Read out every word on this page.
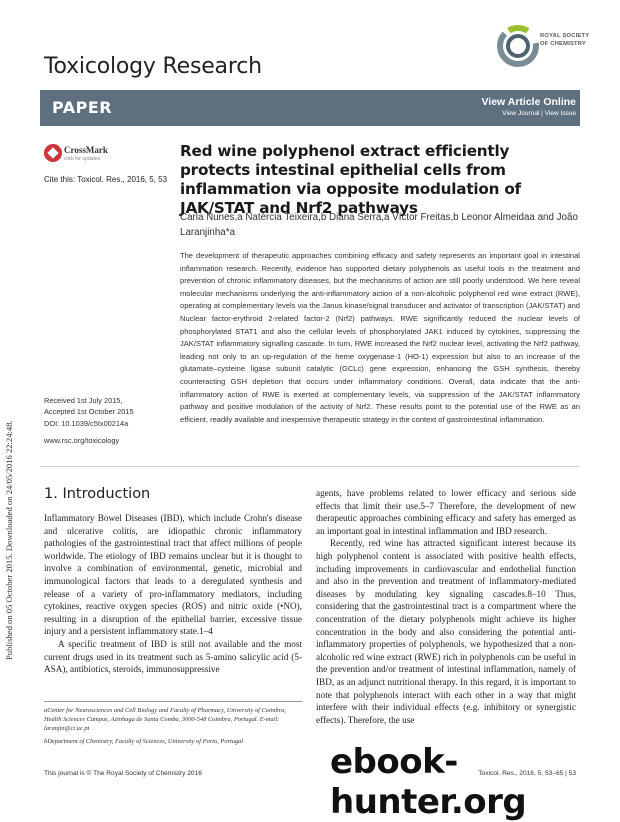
Published on 05 October 2015. Downloaded on 24/05/2016 22:24:48.
Toxicology Research
ROYAL SOCIETY
OF CHEMISTRY
PAPER	View Article Online
View Journal | View Issue
CrossMark
click for updates
Cite this: Toxicol. Res., 2016, 5, 53
Red wine polyphenol extract efficiently protects intestinal epithelial cells from inflammation via opposite modulation of JAK/STAT and Nrf2 pathways
Carla Nunes,a Natércia Teixeira,b Diana Serra,a Víctor Freitas,b Leonor Almeidaa and João Laranjinha*a
The development of therapeutic approaches combining efficacy and safety represents an important goal in intestinal inflammation research. Recently, evidence has supported dietary polyphenols as useful tools in the treatment and prevention of chronic inflammatory diseases, but the mechanisms of action are still poorly understood. We here reveal molecular mechanisms underlying the anti-inflammatory action of a non-alcoholic polyphenol red wine extract (RWE), operating at complementary levels via the Janus kinase/signal transducer and activator of transcription (JAK/STAT) and Nuclear factor-erythroid 2-related factor-2 (Nrf2) pathways. RWE significantly reduced the nuclear levels of phosphorylated STAT1 and also the cellular levels of phosphorylated JAK1 induced by cytokines, suppressing the JAK/STAT inflammatory signalling cascade. In turn, RWE increased the Nrf2 nuclear level, activating the Nrf2 pathway, leading not only to an up-regulation of the heme oxygenase-1 (HO-1) expression but also to an increase of the glutamate–cysteine ligase subunit catalytic (GCLc) gene expression, enhancing the GSH synthesis, thereby counteracting GSH depletion that occurs under inflammatory conditions. Overall, data indicate that the anti-inflammatory action of RWE is exerted at complementary levels, via suppression of the JAK/STAT inflammatory pathway and positive modulation of the activity of Nrf2. These results point to the potential use of the RWE as an efficient, readily available and inexpensive therapeutic strategy in the context of gastrointestinal inflammation.
Received 1st July 2015,
Accepted 1st October 2015
DOI: 10.1039/c5tx00214a
www.rsc.org/toxicology
1. Introduction

Inflammatory Bowel Diseases (IBD), which include Crohn's disease and ulcerative colitis, are idiopathic chronic inflammatory pathologies of the gastrointestinal tract that affect millions of people worldwide. The etiology of IBD remains unclear but it is thought to involve a combination of environmental, genetic, microbial and immunological factors that leads to a deregulated synthesis and release of a variety of pro-inflammatory mediators, including cytokines, reactive oxygen species (ROS) and nitric oxide (•NO), resulting in a disruption of the epithelial barrier, excessive tissue injury and a persistent inflammatory state.1–4

A specific treatment of IBD is still not available and the most current drugs used in its treatment such as 5-amino salicylic acid (5-ASA), antibiotics, steroids, immunosuppressive

agents, have problems related to lower efficacy and serious side effects that limit their use.5–7 Therefore, the development of new therapeutic approaches combining efficacy and safety has emerged as an important goal in intestinal inflammation and IBD research.

Recently, red wine has attracted significant interest because its high polyphenol content is associated with positive health effects, including improvements in cardiovascular and endothelial function and also in the prevention and treatment of inflammatory-mediated diseases by modulating key signaling cascades.8–10 Thus, considering that the gastrointestinal tract is a compartment where the concentration of the dietary polyphenols might achieve its higher concentration in the body and also considering the potential anti-inflammatory properties of polyphenols, we hypothesized that a non-alcoholic red wine extract (RWE) rich in polyphenols can be useful in the prevention and/or treatment of intestinal inflammation, namely of IBD, as an adjunct nutritional therapy. In this regard, it is important to note that polyphenols interact with each other in a way that might interfere with their individual effects (e.g. inhibitory or synergistic effects). Therefore, the use

aCenter for Neurosciences and Cell Biology and Faculty of Pharmacy, University of Coimbra, Health Sciences Campus, Azinhaga de Santa Comba, 3000-548 Coimbra, Portugal. E-mail: laranjin@ci.uc.pt

bDepartment of Chemistry, Faculty of Sciences, University of Porto, Portugal

This journal is © The Royal Society of Chemistry 2016	Toxicol. Res., 2016, 5, 53–65 | 53
ebook-hunter.org
